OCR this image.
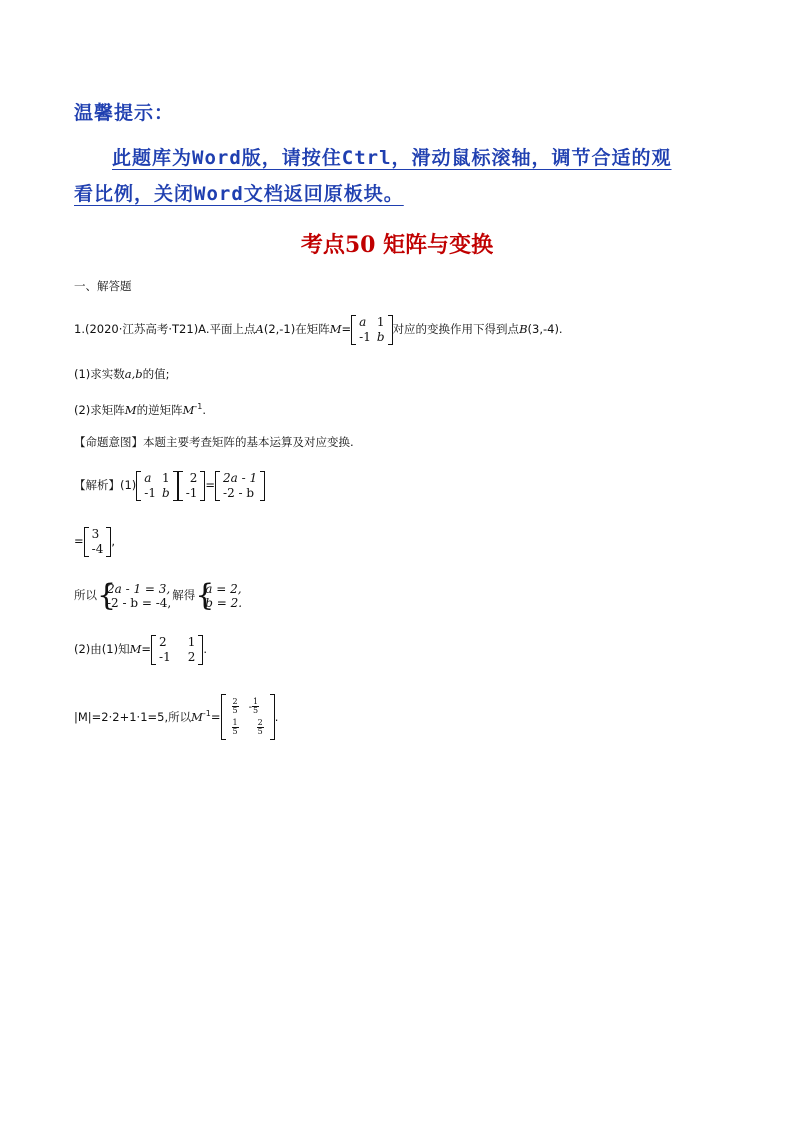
温馨提示：
此题库为Word版，请按住Ctrl，滑动鼠标滚轴，调节合适的观
看比例，关闭Word文档返回原板块。
考点50 矩阵与变换
一、解答题
1.(2020·江苏高考·T21)A.平面上点A(2,-1)在矩阵M=
a	1
-1	b
对应的变换作用下得到点B(3,-4).
(1)求实数a,b的值;
(2)求矩阵M的逆矩阵$M^{-1}$.
【命题意图】本题主要考查矩阵的基本运算及对应变换.
【解析】(1)
a	1
-1	b
2
-1
=
2a - 1
-2 - b
=
3
-4
,
所以 {
2a - 1 = 3,
-2 - b = -4,
解得 {
a = 2,
b = 2.
(2)由(1)知M=
2	1
-1	2
.
|M|=2·2+1·1=5,所以$M^{-1}=$
$\frac{2}{5}$	- $\frac{1}{5}$

$\frac{1}{5}$	$\frac{2}{5}$
.
